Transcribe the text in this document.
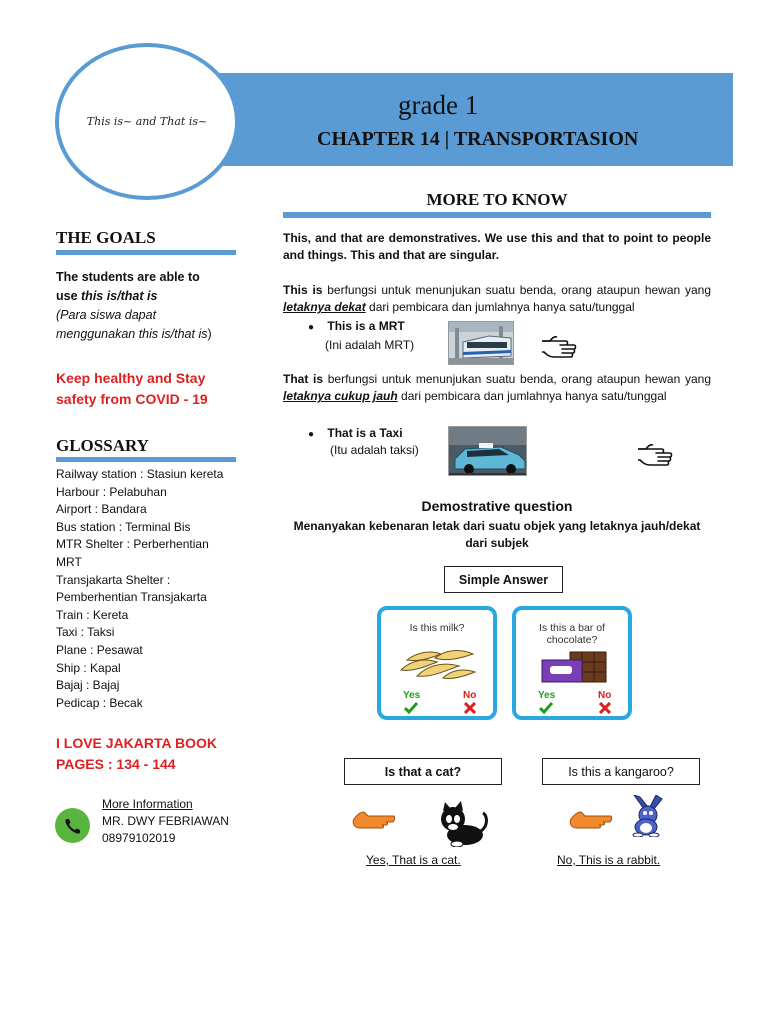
This is~ and That is~
grade 1
CHAPTER 14 | TRANSPORTASION
MORE TO KNOW
THE GOALS
The students are able to
use this is/that is
(Para siswa dapat
menggunakan this is/that is)
Keep healthy and Stay
safety from COVID - 19
GLOSSARY
Railway station : Stasiun kereta
Harbour : Pelabuhan
Airport : Bandara
Bus station : Terminal Bis
MTR Shelter : Perberhentian
MRT
Transjakarta Shelter :
Pemberhentian Transjakarta
Train : Kereta
Taxi : Taksi
Plane : Pesawat
Ship : Kapal
Bajaj : Bajaj
Pedicap : Becak
I LOVE JAKARTA BOOK
PAGES : 134 - 144
More Information
MR. DWY FEBRIAWAN
08979102019
This, and that are demonstratives. We use this and that to point to people and things. This and that are singular.
This is berfungsi untuk menunjukan suatu benda, orang ataupun hewan yang letaknya dekat dari pembicara dan jumlahnya hanya satu/tunggal
● This is a MRT
(Ini adalah MRT)
That is berfungsi untuk menunjukan suatu benda, orang ataupun hewan yang letaknya cukup jauh dari pembicara dan jumlahnya hanya satu/tunggal
● That is a Taxi
(Itu adalah taksi)
Demostrative question
Menanyakan kebenaran letak dari suatu objek yang letaknya jauh/dekat dari subjek
Simple Answer
Is this milk?
Yes	No
Is this a bar of chocolate?
Yes	No
Is that a cat?	Is this a kangaroo?
Yes, That is a cat.	No, This is a rabbit.
